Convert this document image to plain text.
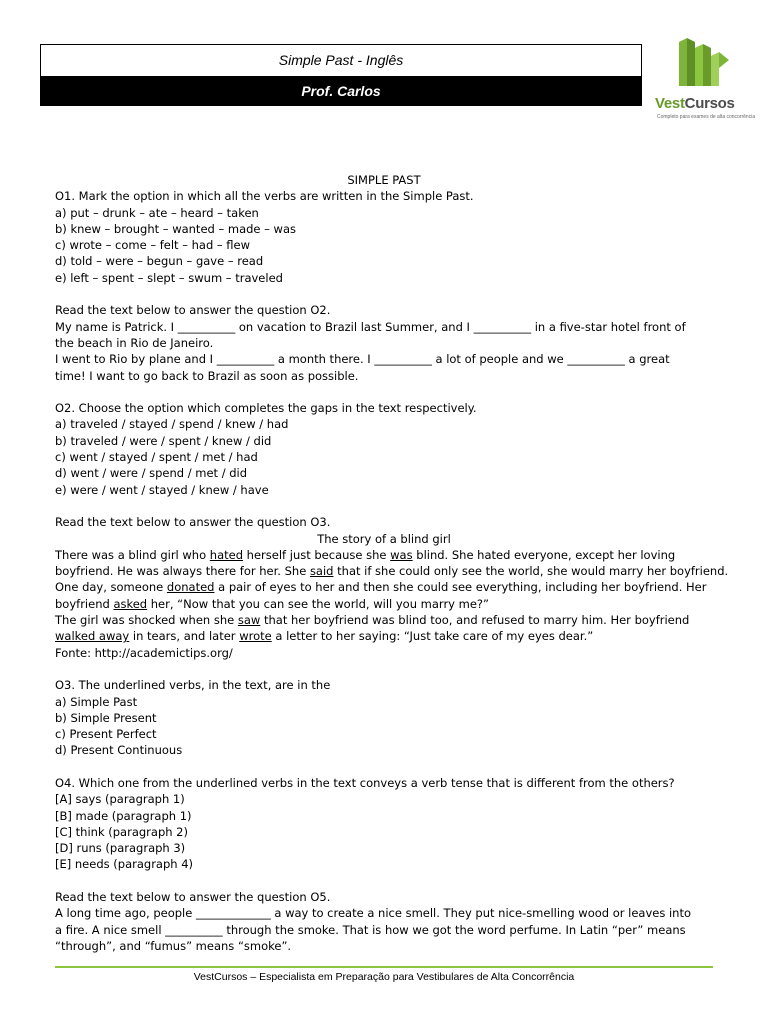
Simple Past - Inglês
Prof. Carlos
VestCursos
Completo para exames de alta concorrência
SIMPLE PAST
O1. Mark the option in which all the verbs are written in the Simple Past.
a) put – drunk – ate – heard – taken
b) knew – brought – wanted – made – was
c) wrote – come – felt – had – flew
d) told – were – begun – gave – read
e) left – spent – slept – swum – traveled
Read the text below to answer the question O2.
My name is Patrick. I __________ on vacation to Brazil last Summer, and I __________ in a five-star hotel front of
the beach in Rio de Janeiro.
I went to Rio by plane and I __________ a month there. I __________ a lot of people and we __________ a great
time! I want to go back to Brazil as soon as possible.
O2. Choose the option which completes the gaps in the text respectively.
a) traveled / stayed / spend / knew / had
b) traveled / were / spent / knew / did
c) went / stayed / spent / met / had
d) went / were / spend / met / did
e) were / went / stayed / knew / have
Read the text below to answer the question O3.
The story of a blind girl
There was a blind girl who hated herself just because she was blind. She hated everyone, except her loving
boyfriend. He was always there for her. She said that if she could only see the world, she would marry her boyfriend.
One day, someone donated a pair of eyes to her and then she could see everything, including her boyfriend. Her
boyfriend asked her, “Now that you can see the world, will you marry me?”
The girl was shocked when she saw that her boyfriend was blind too, and refused to marry him. Her boyfriend
walked away in tears, and later wrote a letter to her saying: “Just take care of my eyes dear.”
Fonte: http://academictips.org/
O3. The underlined verbs, in the text, are in the
a) Simple Past
b) Simple Present
c) Present Perfect
d) Present Continuous
O4. Which one from the underlined verbs in the text conveys a verb tense that is different from the others?
[A] says (paragraph 1)
[B] made (paragraph 1)
[C] think (paragraph 2)
[D] runs (paragraph 3)
[E] needs (paragraph 4)
Read the text below to answer the question O5.
A long time ago, people _____________ a way to create a nice smell. They put nice-smelling wood or leaves into
a fire. A nice smell __________ through the smoke. That is how we got the word perfume. In Latin “per” means
“through”, and “fumus” means “smoke”.
VestCursos – Especialista em Preparação para Vestibulares de Alta Concorrência
